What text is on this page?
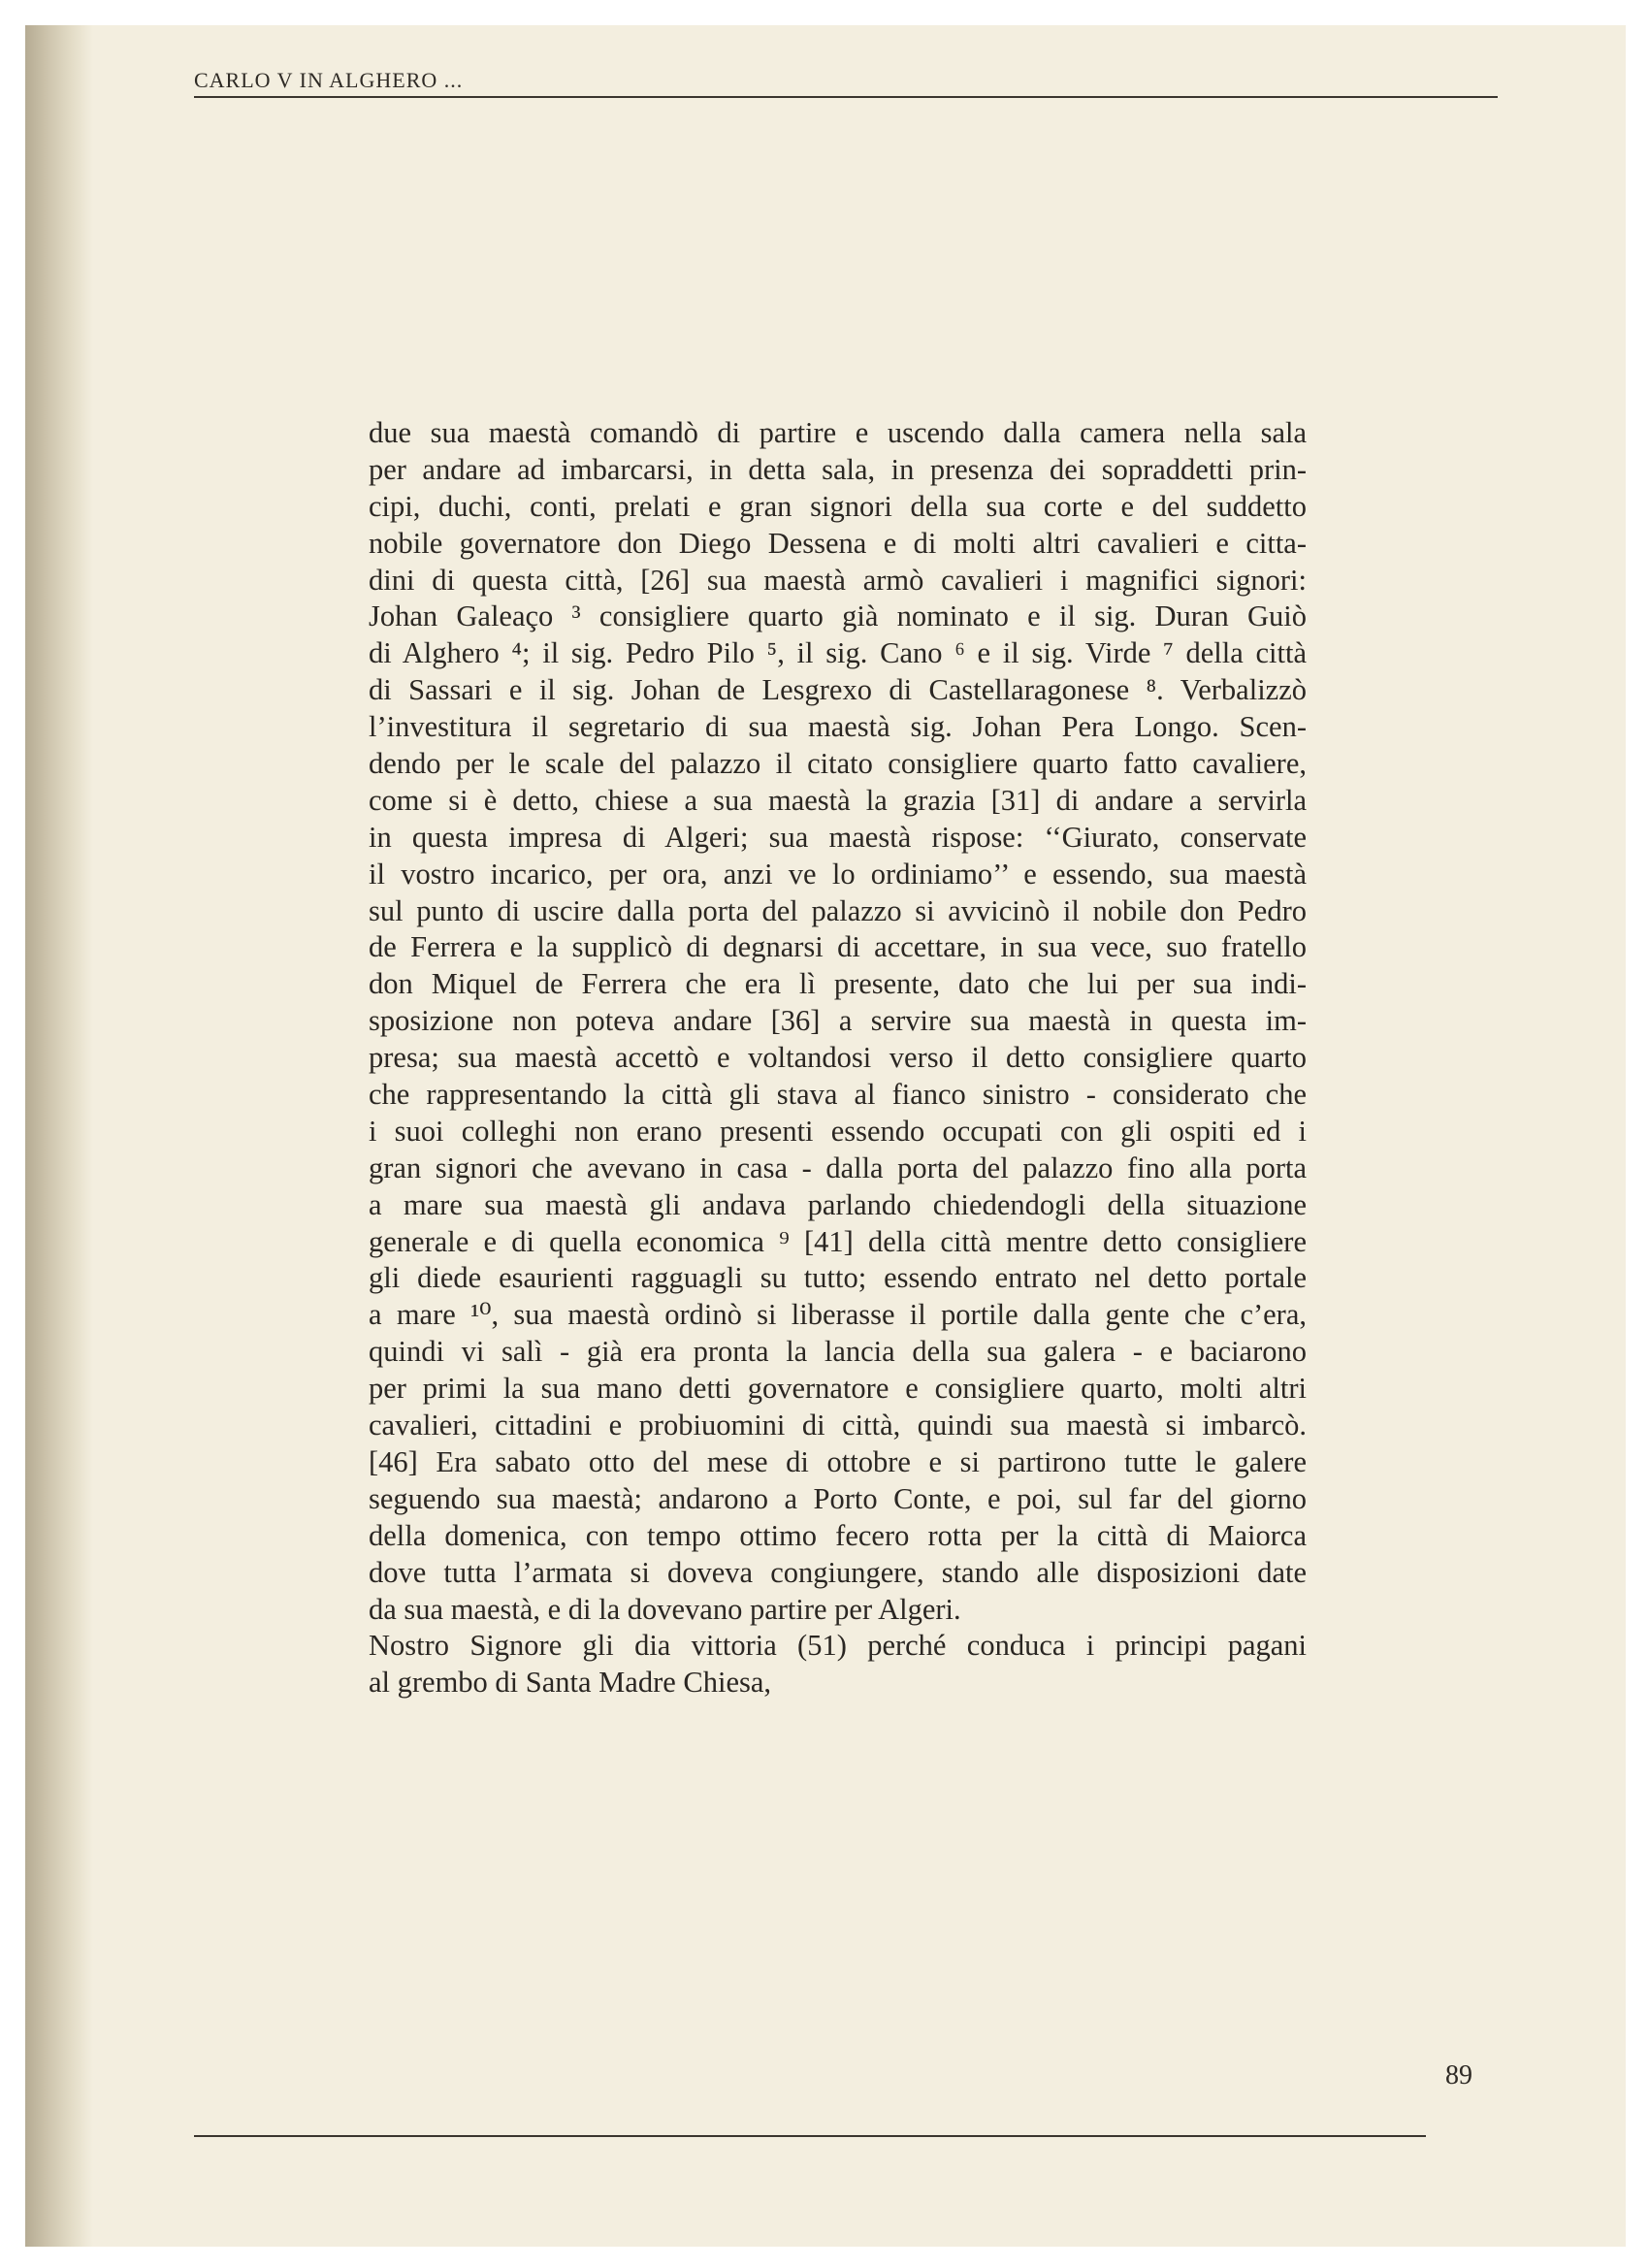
CARLO V IN ALGHERO ...
due sua maestà comandò di partire e uscendo dalla camera nella sala
per andare ad imbarcarsi, in detta sala, in presenza dei sopraddetti prin-
cipi, duchi, conti, prelati e gran signori della sua corte e del suddetto
nobile governatore don Diego Dessena e di molti altri cavalieri e citta-
dini di questa città, [26] sua maestà armò cavalieri i magnifici signori:
Johan Galeaço ³ consigliere quarto già nominato e il sig. Duran Guiò
di Alghero ⁴; il sig. Pedro Pilo ⁵, il sig. Cano ⁶ e il sig. Virde ⁷ della città
di Sassari e il sig. Johan de Lesgrexo di Castellaragonese ⁸. Verbalizzò
l’investitura il segretario di sua maestà sig. Johan Pera Longo. Scen-
dendo per le scale del palazzo il citato consigliere quarto fatto cavaliere,
come si è detto, chiese a sua maestà la grazia [31] di andare a servirla
in questa impresa di Algeri; sua maestà rispose: ‘‘Giurato, conservate
il vostro incarico, per ora, anzi ve lo ordiniamo’’ e essendo, sua maestà
sul punto di uscire dalla porta del palazzo si avvicinò il nobile don Pedro
de Ferrera e la supplicò di degnarsi di accettare, in sua vece, suo fratello
don Miquel de Ferrera che era lì presente, dato che lui per sua indi-
sposizione non poteva andare [36] a servire sua maestà in questa im-
presa; sua maestà accettò e voltandosi verso il detto consigliere quarto
che rappresentando la città gli stava al fianco sinistro - considerato che
i suoi colleghi non erano presenti essendo occupati con gli ospiti ed i
gran signori che avevano in casa - dalla porta del palazzo fino alla porta
a mare sua maestà gli andava parlando chiedendogli della situazione
generale e di quella economica ⁹ [41] della città mentre detto consigliere
gli diede esaurienti ragguagli su tutto; essendo entrato nel detto portale
a mare ¹⁰, sua maestà ordinò si liberasse il portile dalla gente che c’era,
quindi vi salì - già era pronta la lancia della sua galera - e baciarono
per primi la sua mano detti governatore e consigliere quarto, molti altri
cavalieri, cittadini e probiuomini di città, quindi sua maestà si imbarcò.
[46] Era sabato otto del mese di ottobre e si partirono tutte le galere
seguendo sua maestà; andarono a Porto Conte, e poi, sul far del giorno
della domenica, con tempo ottimo fecero rotta per la città di Maiorca
dove tutta l’armata si doveva congiungere, stando alle disposizioni date
da sua maestà, e di la dovevano partire per Algeri.
Nostro Signore gli dia vittoria (51) perché conduca i principi pagani
al grembo di Santa Madre Chiesa,
89
